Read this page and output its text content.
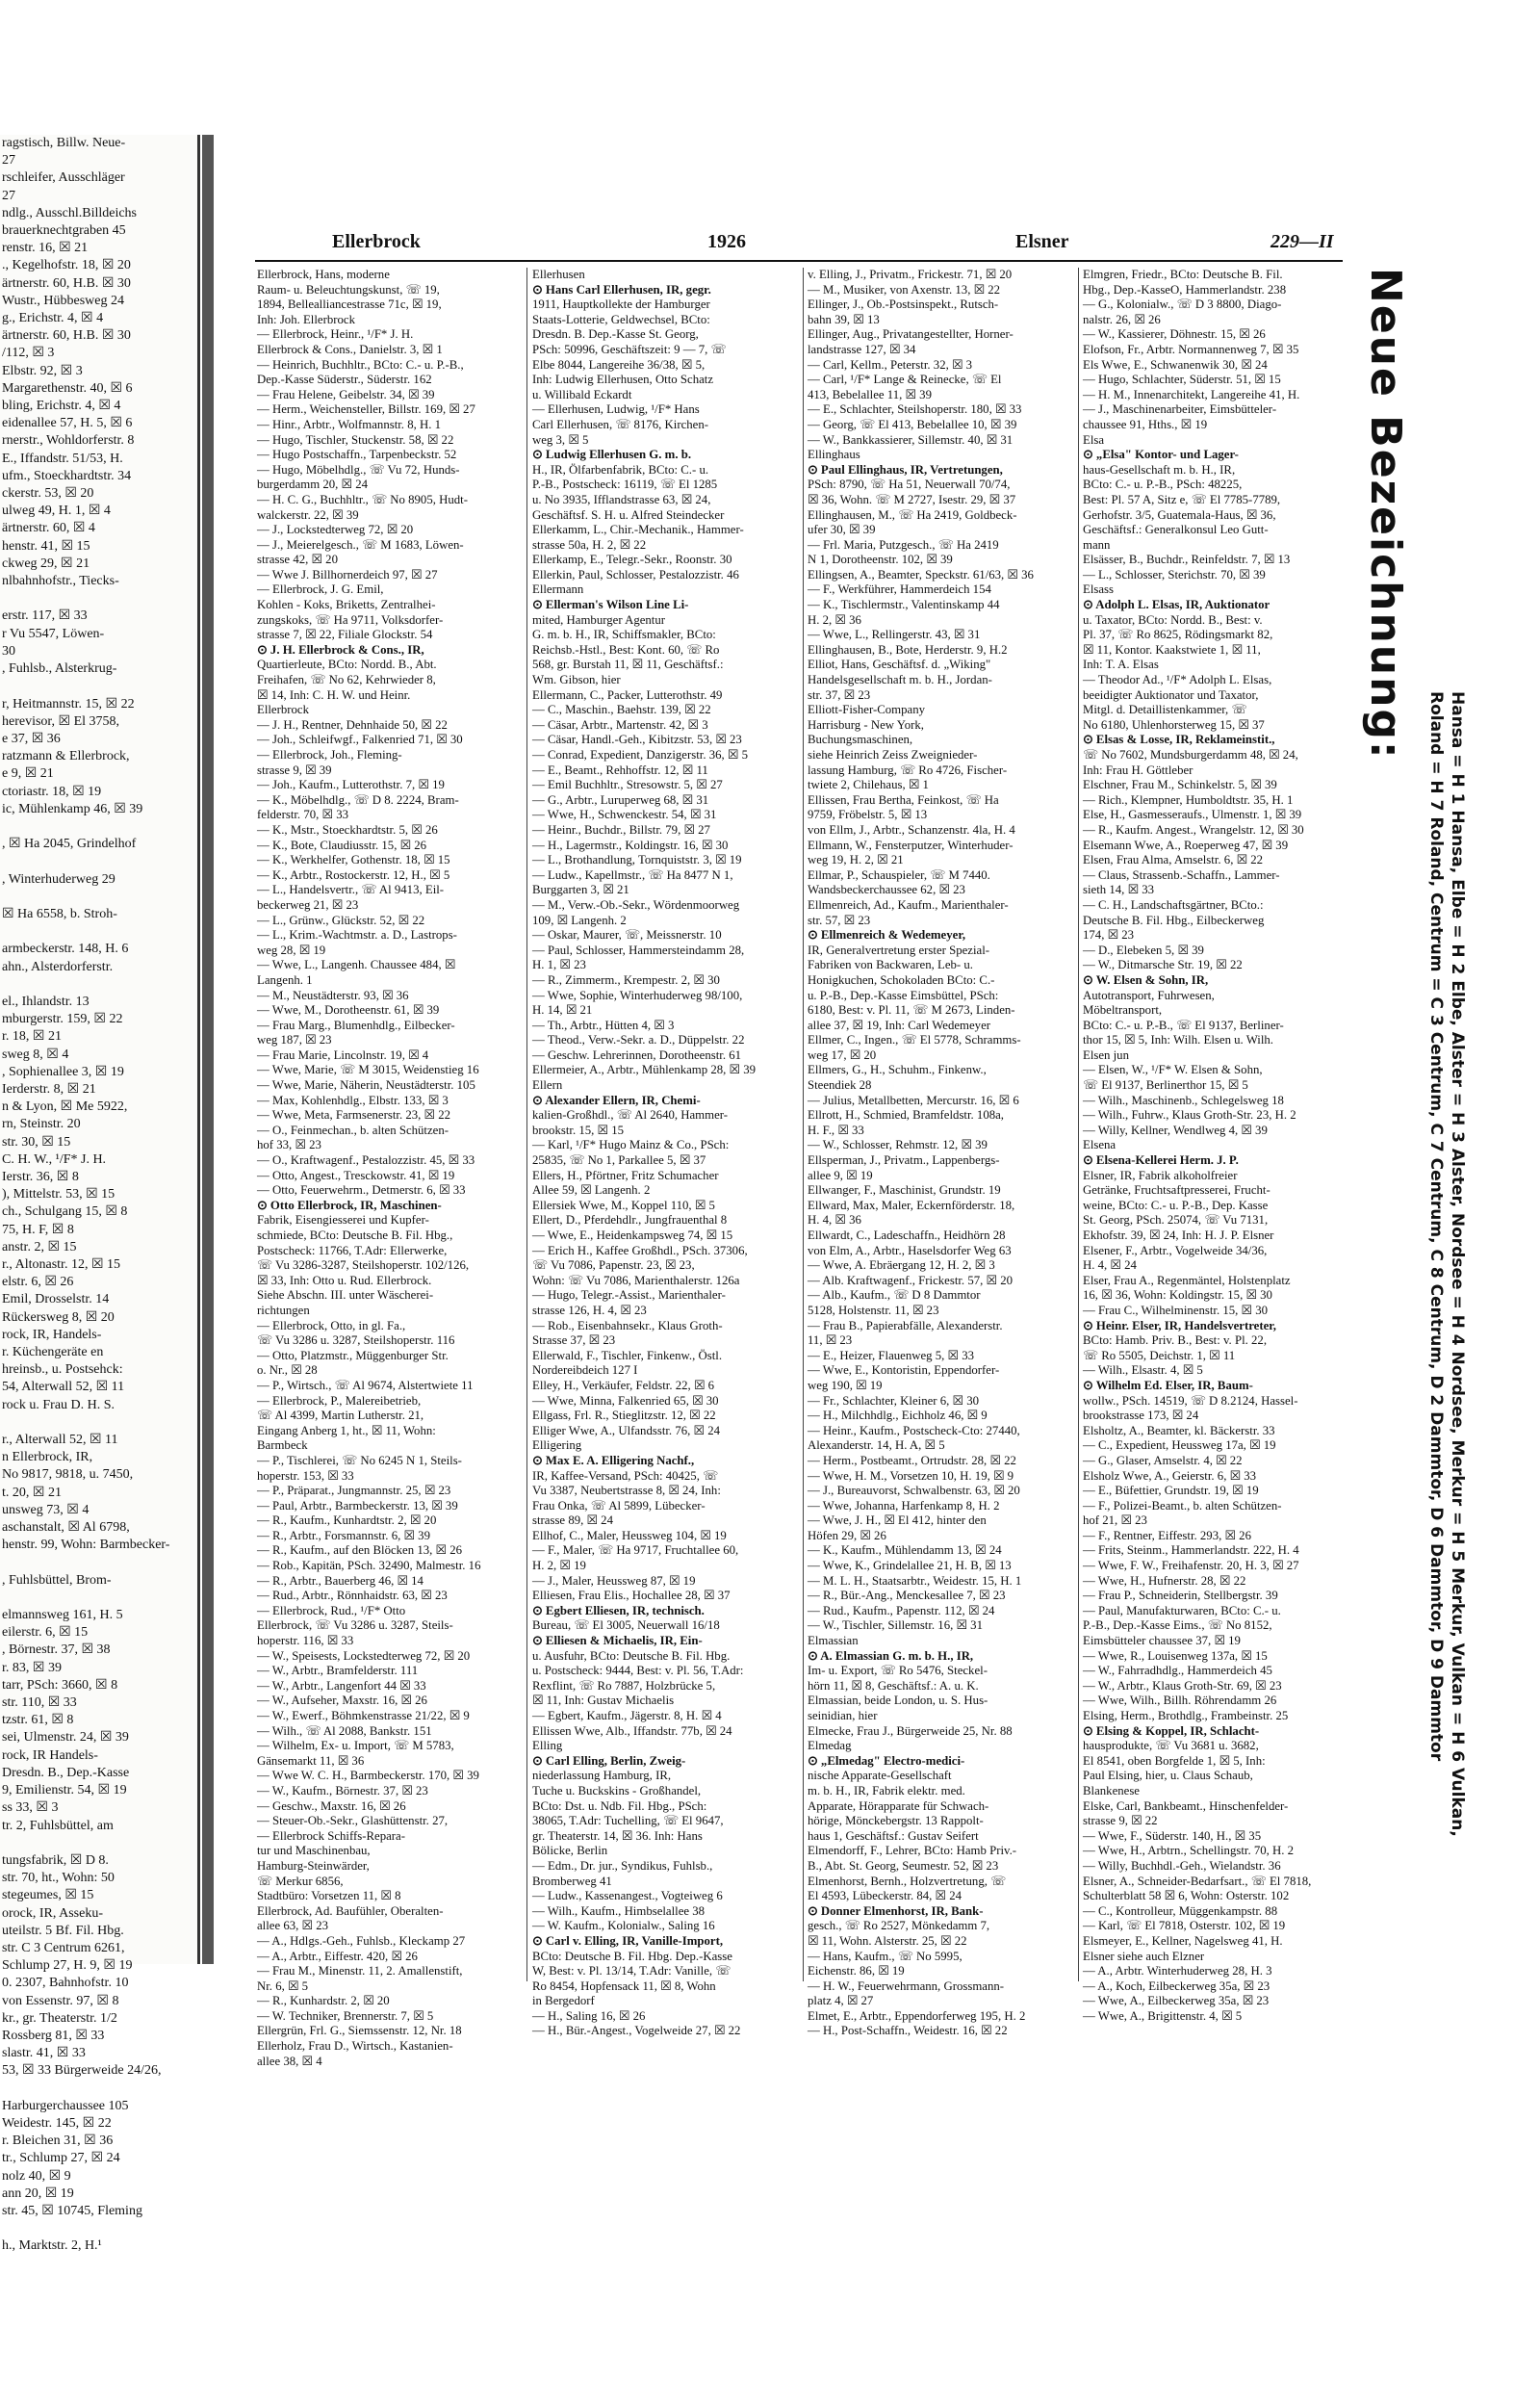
ragstisch, Billw. Neue-
27
rschleifer, Ausschläger
27
ndlg., Ausschl.Billdeichs
brauerknechtgraben 45
renstr. 16, ☒ 21
., Kegelhofstr. 18, ☒ 20
ärtnerstr. 60, H.B. ☒ 30
Wustr., Hübbesweg 24
g., Erichstr. 4, ☒ 4
ärtnerstr. 60, H.B. ☒ 30
/112, ☒ 3
Elbstr. 92, ☒ 3
Margarethenstr. 40, ☒ 6
bling, Erichstr. 4, ☒ 4
eidenallee 57, H. 5, ☒ 6
rnerstr., Wohldorferstr. 8
E., Iffandstr. 51/53, H.
ufm., Stoeckhardtstr. 34
ckerstr. 53, ☒ 20
ulweg 49, H. 1, ☒ 4
ärtnerstr. 60, ☒ 4
henstr. 41, ☒ 15
ckweg 29, ☒ 21
nlbahnhofstr., Tiecks-

erstr. 117, ☒ 33
r Vu 5547, Löwen-
30
, Fuhlsb., Alsterkrug-

r, Heitmannstr. 15, ☒ 22
herevisor, ☒ El 3758,
e 37, ☒ 36
ratzmann & Ellerbrock,
e 9, ☒ 21
ctoriastr. 18, ☒ 19
ic, Mühlenkamp 46, ☒ 39

, ☒ Ha 2045, Grindelhof

, Winterhuderweg 29

☒ Ha 6558, b. Stroh-

armbeckerstr. 148, H. 6
ahn., Alsterdorferstr.

el., Ihlandstr. 13
mburgerstr. 159, ☒ 22
r. 18, ☒ 21
sweg 8, ☒ 4
, Sophienallee 3, ☒ 19
Ierderstr. 8, ☒ 21
n & Lyon, ☒ Me 5922,
rn, Steinstr. 20
str. 30, ☒ 15
C. H. W., ¹/F* J. H.
Ierstr. 36, ☒ 8
), Mittelstr. 53, ☒ 15
ch., Schulgang 15, ☒ 8
75, H. F, ☒ 8
anstr. 2, ☒ 15
r., Altonastr. 12, ☒ 15
elstr. 6, ☒ 26
Emil, Drosselstr. 14
Rückersweg 8, ☒ 20
rock, IR, Handels-
r. Küchengeräte en
hreinsb., u. Postsehck:
54, Alterwall 52, ☒ 11
rock u. Frau D. H. S.

r., Alterwall 52, ☒ 11
n Ellerbrock, IR,
No 9817, 9818, u. 7450,
t. 20, ☒ 21
unsweg 73, ☒ 4
aschanstalt, ☒ Al 6798,
henstr. 99, Wohn: Barmbecker-

, Fuhlsbüttel, Brom-

elmannsweg 161, H. 5
eilerstr. 6, ☒ 15
, Börnestr. 37, ☒ 38
r. 83, ☒ 39
tarr, PSch: 3660, ☒ 8
str. 110, ☒ 33
tzstr. 61, ☒ 8
sei, Ulmenstr. 24, ☒ 39
rock, IR Handels-
Dresdn. B., Dep.-Kasse
9, Emilienstr. 54, ☒ 19
ss 33, ☒ 3
tr. 2, Fuhlsbüttel, am

tungsfabrik, ☒ D 8.
str. 70, ht., Wohn: 50
stegeumes, ☒ 15
orock, IR, Asseku-
uteilstr. 5 Bf. Fil. Hbg.
str. C 3 Centrum 6261,
Schlump 27, H. 9, ☒ 19
0. 2307, Bahnhofstr. 10
von Essenstr. 97, ☒ 8
kr., gr. Theaterstr. 1/2
Rossberg 81, ☒ 33
slastr. 41, ☒ 33
53, ☒ 33 Bürgerweide 24/26,

Harburgerchaussee 105
Weidestr. 145, ☒ 22
r. Bleichen 31, ☒ 36
tr., Schlump 27, ☒ 24
nolz 40, ☒ 9
ann 20, ☒ 19
str. 45, ☒ 10745, Fleming

h., Marktstr. 2, H.¹
Ellerbrock	1926	Elsner	229—II
Ellerbrock, Hans, moderne
Raum- u. Beleuchtungskunst, ☏ 19,
1894, Bellealliancestrasse 71c, ☒ 19,
Inh: Joh. Ellerbrock
— Ellerbrock, Heinr., ¹/F* J. H.
Ellerbrock & Cons., Danielstr. 3, ☒ 1
— Heinrich, Buchhltr., BCto: C.- u. P.-B.,
Dep.-Kasse Süderstr., Süderstr. 162
— Frau Helene, Geibelstr. 34, ☒ 39
— Herm., Weichensteller, Billstr. 169, ☒ 27
— Hinr., Arbtr., Wolfmannstr. 8, H. 1
— Hugo, Tischler, Stuckenstr. 58, ☒ 22
— Hugo Postschaffn., Tarpenbeckstr. 52
— Hugo, Möbelhdlg., ☏ Vu 72, Hunds-
burgerdamm 20, ☒ 24
— H. C. G., Buchhltr., ☏ No 8905, Hudt-
walckerstr. 22, ☒ 39
— J., Lockstedterweg 72, ☒ 20
— J., Meierelgesch., ☏ M 1683, Löwen-
strasse 42, ☒ 20
— Wwe J. Billhornerdeich 97, ☒ 27
— Ellerbrock, J. G. Emil,
Kohlen - Koks, Briketts, Zentralhei-
zungskoks, ☏ Ha 9711, Volksdorfer-
strasse 7, ☒ 22, Filiale Glockstr. 54
⊙ J. H. Ellerbrock & Cons., IR,
Quartierleute, BCto: Nordd. B., Abt.
Freihafen, ☏ No 62, Kehrwieder 8,
☒ 14, Inh: C. H. W. und Heinr.
Ellerbrock
— J. H., Rentner, Dehnhaide 50, ☒ 22
— Joh., Schleifwgf., Falkenried 71, ☒ 30
— Ellerbrock, Joh., Fleming-
strasse 9, ☒ 39
— Joh., Kaufm., Lutterothstr. 7, ☒ 19
— K., Möbelhdlg., ☏ D 8. 2224, Bram-
felderstr. 70, ☒ 33
— K., Mstr., Stoeckhardtstr. 5, ☒ 26
— K., Bote, Claudiusstr. 15, ☒ 26
— K., Werkhelfer, Gothenstr. 18, ☒ 15
— K., Arbtr., Rostockerstr. 12, H., ☒ 5
— L., Handelsvertr., ☏ Al 9413, Eil-
beckerweg 21, ☒ 23
— L., Grünw., Glückstr. 52, ☒ 22
— L., Krim.-Wachtmstr. a. D., Lastrops-
weg 28, ☒ 19
— Wwe, L., Langenh. Chaussee 484, ☒
Langenh. 1
— M., Neustädterstr. 93, ☒ 36
— Wwe, M., Dorotheenstr. 61, ☒ 39
— Frau Marg., Blumenhdlg., Eilbecker-
weg 187, ☒ 23
— Frau Marie, Lincolnstr. 19, ☒ 4
— Wwe, Marie, ☏ M 3015, Weidenstieg 16
— Wwe, Marie, Näherin, Neustädterstr. 105
— Max, Kohlenhdlg., Elbstr. 133, ☒ 3
— Wwe, Meta, Farmsenerstr. 23, ☒ 22
— O., Feinmechan., b. alten Schützen-
hof 33, ☒ 23
— O., Kraftwagenf., Pestalozzistr. 45, ☒ 33
— Otto, Angest., Tresckowstr. 41, ☒ 19
— Otto, Feuerwehrm., Detmerstr. 6, ☒ 33
⊙ Otto Ellerbrock, IR, Maschinen-
Fabrik, Eisengiesserei und Kupfer-
schmiede, BCto: Deutsche B. Fil. Hbg.,
Postscheck: 11766, T.Adr: Ellerwerke,
☏ Vu 3286-3287, Steilshoperstr. 102/126,
☒ 33, Inh: Otto u. Rud. Ellerbrock.
Siehe Abschn. III. unter Wäscherei-
richtungen
— Ellerbrock, Otto, in gl. Fa.,
☏ Vu 3286 u. 3287, Steilshoperstr. 116
— Otto, Platzmstr., Müggenburger Str.
o. Nr., ☒ 28
— P., Wirtsch., ☏ Al 9674, Alstertwiete 11
— Ellerbrock, P., Malereibetrieb,
☏ Al 4399, Martin Lutherstr. 21,
Eingang Anberg 1, ht., ☒ 11, Wohn:
Barmbeck
— P., Tischlerei, ☏ No 6245 N 1, Steils-
hoperstr. 153, ☒ 33
— P., Präparat., Jungmannstr. 25, ☒ 23
— Paul, Arbtr., Barmbeckerstr. 13, ☒ 39
— R., Kaufm., Kunhardtstr. 2, ☒ 20
— R., Arbtr., Forsmannstr. 6, ☒ 39
— R., Kaufm., auf den Blöcken 13, ☒ 26
— Rob., Kapitän, PSch. 32490, Malmestr. 16
— R., Arbtr., Bauerberg 46, ☒ 14
— Rud., Arbtr., Rönnhaidstr. 63, ☒ 23
— Ellerbrock, Rud., ¹/F* Otto
Ellerbrock, ☏ Vu 3286 u. 3287, Steils-
hoperstr. 116, ☒ 33
— W., Speisests, Lockstedterweg 72, ☒ 20
— W., Arbtr., Bramfelderstr. 111
— W., Arbtr., Langenfort 44 ☒ 33
— W., Aufseher, Maxstr. 16, ☒ 26
— W., Ewerf., Böhmkenstrasse 21/22, ☒ 9
— Wilh., ☏ Al 2088, Bankstr. 151
— Wilhelm, Ex- u. Import, ☏ M 5783,
Gänsemarkt 11, ☒ 36
— Wwe W. C. H., Barmbeckerstr. 170, ☒ 39
— W., Kaufm., Börnestr. 37, ☒ 23
— Geschw., Maxstr. 16, ☒ 26
— Steuer-Ob.-Sekr., Glashüttenstr. 27,
— Ellerbrock Schiffs-Repara-
tur und Maschinenbau,
Hamburg-Steinwärder,
☏ Merkur 6856,
Stadtbüro: Vorsetzen 11, ☒ 8
Ellerbrock, Ad. Baufühler, Oberalten-
allee 63, ☒ 23
— A., Hdlgs.-Geh., Fuhlsb., Kleckamp 27
— A., Arbtr., Eiffestr. 420, ☒ 26
— Frau M., Minenstr. 11, 2. Amallenstift,
Nr. 6, ☒ 5
— R., Kunhardstr. 2, ☒ 20
— W. Techniker, Brennerstr. 7, ☒ 5
Ellergrün, Frl. G., Siemssenstr. 12, Nr. 18
Ellerholz, Frau D., Wirtsch., Kastanien-
allee 38, ☒ 4
Ellerhusen
⊙ Hans Carl Ellerhusen, IR, gegr.
1911, Hauptkollekte der Hamburger
Staats-Lotterie, Geldwechsel, BCto:
Dresdn. B. Dep.-Kasse St. Georg,
PSch: 50996, Geschäftszeit: 9 — 7, ☏
Elbe 8044, Langereihe 36/38, ☒ 5,
Inh: Ludwig Ellerhusen, Otto Schatz
u. Willibald Eckardt
— Ellerhusen, Ludwig, ¹/F* Hans
Carl Ellerhusen, ☏ 8176, Kirchen-
weg 3, ☒ 5
⊙ Ludwig Ellerhusen G. m. b.
H., IR, Ölfarbenfabrik, BCto: C.- u.
P.-B., Postscheck: 16119, ☏ El 1285
u. No 3935, Ifflandstrasse 63, ☒ 24,
Geschäftsf. S. H. u. Alfred Steindecker
Ellerkamm, L., Chir.-Mechanik., Hammer-
strasse 50a, H. 2, ☒ 22
Ellerkamp, E., Telegr.-Sekr., Roonstr. 30
Ellerkin, Paul, Schlosser, Pestalozzistr. 46
Ellermann
⊙ Ellerman's Wilson Line Li-
mited, Hamburger Agentur
G. m. b. H., IR, Schiffsmakler, BCto:
Reichsb.-Hstl., Best: Kont. 60, ☏ Ro
568, gr. Burstah 11, ☒ 11, Geschäftsf.:
Wm. Gibson, hier
Ellermann, C., Packer, Lutterothstr. 49
— C., Maschin., Baehstr. 139, ☒ 22
— Cäsar, Arbtr., Martenstr. 42, ☒ 3
— Cäsar, Handl.-Geh., Kibitzstr. 53, ☒ 23
— Conrad, Expedient, Danzigerstr. 36, ☒ 5
— E., Beamt., Rehhoffstr. 12, ☒ 11
— Emil Buchhltr., Stresowstr. 5, ☒ 27
— G., Arbtr., Luruperweg 68, ☒ 31
— Wwe, H., Schwenckestr. 54, ☒ 31
— Heinr., Buchdr., Billstr. 79, ☒ 27
— H., Lagermstr., Koldingstr. 16, ☒ 30
— L., Brothandlung, Tornquiststr. 3, ☒ 19
— Ludw., Kapellmstr., ☏ Ha 8477 N 1,
Burggarten 3, ☒ 21
— M., Verw.-Ob.-Sekr., Wördenmoorweg
109, ☒ Langenh. 2
— Oskar, Maurer, ☏, Meissnerstr. 10
— Paul, Schlosser, Hammersteindamm 28,
H. 1, ☒ 23
— R., Zimmerm., Krempestr. 2, ☒ 30
— Wwe, Sophie, Winterhuderweg 98/100,
H. 14, ☒ 21
— Th., Arbtr., Hütten 4, ☒ 3
— Theod., Verw.-Sekr. a. D., Düppelstr. 22
— Geschw. Lehrerinnen, Dorotheenstr. 61
Ellermeier, A., Arbtr., Mühlenkamp 28, ☒ 39
Ellern
⊙ Alexander Ellern, IR, Chemi-
kalien-Großhdl., ☏ Al 2640, Hammer-
brookstr. 15, ☒ 15
— Karl, ¹/F* Hugo Mainz & Co., PSch:
25835, ☏ No 1, Parkallee 5, ☒ 37
Ellers, H., Pförtner, Fritz Schumacher
Allee 59, ☒ Langenh. 2
Ellersiek Wwe, M., Koppel 110, ☒ 5
Ellert, D., Pferdehdlr., Jungfrauenthal 8
— Wwe, E., Heidenkampsweg 74, ☒ 15
— Erich H., Kaffee Großhdl., PSch. 37306,
☏ Vu 7086, Papenstr. 23, ☒ 23,
Wohn: ☏ Vu 7086, Marienthalerstr. 126a
— Hugo, Telegr.-Assist., Marienthaler-
strasse 126, H. 4, ☒ 23
— Rob., Eisenbahnsekr., Klaus Groth-
Strasse 37, ☒ 23
Ellerwald, F., Tischler, Finkenw., Östl.
Nordereibdeich 127 I
Elley, H., Verkäufer, Feldstr. 22, ☒ 6
— Wwe, Minna, Falkenried 65, ☒ 30
Ellgass, Frl. R., Stieglitzstr. 12, ☒ 22
Elliger Wwe, A., Ulfandsstr. 76, ☒ 24
Elligering
⊙ Max E. A. Elligering Nachf.,
IR, Kaffee-Versand, PSch: 40425, ☏
Vu 3387, Neubertstrasse 8, ☒ 24, Inh:
Frau Onka, ☏ Al 5899, Lübecker-
strasse 89, ☒ 24
Ellhof, C., Maler, Heussweg 104, ☒ 19
— F., Maler, ☏ Ha 9717, Fruchtallee 60,
H. 2, ☒ 19
— J., Maler, Heussweg 87, ☒ 19
Elliesen, Frau Elis., Hochallee 28, ☒ 37
⊙ Egbert Elliesen, IR, technisch.
Bureau, ☏ El 3005, Neuerwall 16/18
⊙ Elliesen & Michaelis, IR, Ein-
u. Ausfuhr, BCto: Deutsche B. Fil. Hbg.
u. Postscheck: 9444, Best: v. Pl. 56, T.Adr:
Rexflint, ☏ Ro 7887, Holzbrücke 5,
☒ 11, Inh: Gustav Michaelis
— Egbert, Kaufm., Jägerstr. 8, H. ☒ 4
Ellissen Wwe, Alb., Iffandstr. 77b, ☒ 24
Elling
⊙ Carl Elling, Berlin, Zweig-
niederlassung Hamburg, IR,
Tuche u. Buckskins - Großhandel,
BCto: Dst. u. Ndb. Fil. Hbg., PSch:
38065, T.Adr: Tuchelling, ☏ El 9647,
gr. Theaterstr. 14, ☒ 36. Inh: Hans
Bölicke, Berlin
— Edm., Dr. jur., Syndikus, Fuhlsb.,
Bromberweg 41
— Ludw., Kassenangest., Vogteiweg 6
— Wilh., Kaufm., Himbselallee 38
— W. Kaufm., Kolonialw., Saling 16
⊙ Carl v. Elling, IR, Vanille-Import,
BCto: Deutsche B. Fil. Hbg. Dep.-Kasse
W, Best: v. Pl. 13/14, T.Adr: Vanille, ☏
Ro 8454, Hopfensack 11, ☒ 8, Wohn
in Bergedorf
— H., Saling 16, ☒ 26
— H., Bür.-Angest., Vogelweide 27, ☒ 22
v. Elling, J., Privatm., Frickestr. 71, ☒ 20
— M., Musiker, von Axenstr. 13, ☒ 22
Ellinger, J., Ob.-Postsinspekt., Rutsch-
bahn 39, ☒ 13
Ellinger, Aug., Privatangestellter, Horner-
landstrasse 127, ☒ 34
— Carl, Kellm., Peterstr. 32, ☒ 3
— Carl, ¹/F* Lange & Reinecke, ☏ El
413, Bebelallee 11, ☒ 39
— E., Schlachter, Steilshoperstr. 180, ☒ 33
— Georg, ☏ El 413, Bebelallee 10, ☒ 39
— W., Bankkassierer, Sillemstr. 40, ☒ 31
Ellinghaus
⊙ Paul Ellinghaus, IR, Vertretungen,
PSch: 8790, ☏ Ha 51, Neuerwall 70/74,
☒ 36, Wohn. ☏ M 2727, Isestr. 29, ☒ 37
Ellinghausen, M., ☏ Ha 2419, Goldbeck-
ufer 30, ☒ 39
— Frl. Maria, Putzgesch., ☏ Ha 2419
N 1, Dorotheenstr. 102, ☒ 39
Ellingsen, A., Beamter, Speckstr. 61/63, ☒ 36
— F., Werkführer, Hammerdeich 154
— K., Tischlermstr., Valentinskamp 44
H. 2, ☒ 36
— Wwe, L., Rellingerstr. 43, ☒ 31
Ellinghausen, B., Bote, Herderstr. 9, H.2
Elliot, Hans, Geschäftsf. d. „Wiking"
Handelsgesellschaft m. b. H., Jordan-
str. 37, ☒ 23
Elliott-Fisher-Company
Harrisburg - New York,
Buchungsmaschinen,
siehe Heinrich Zeiss Zweignieder-
lassung Hamburg, ☏ Ro 4726, Fischer-
twiete 2, Chilehaus, ☒ 1
Ellissen, Frau Bertha, Feinkost, ☏ Ha
9759, Fröbelstr. 5, ☒ 13
von Ellm, J., Arbtr., Schanzenstr. 4la, H. 4
Ellmann, W., Fensterputzer, Winterhuder-
weg 19, H. 2, ☒ 21
Ellmar, P., Schauspieler, ☏ M 7440.
Wandsbeckerchaussee 62, ☒ 23
Ellmenreich, Ad., Kaufm., Marienthaler-
str. 57, ☒ 23
⊙ Ellmenreich & Wedemeyer,
IR, Generalvertretung erster Spezial-
Fabriken von Backwaren, Leb- u.
Honigkuchen, Schokoladen BCto: C.-
u. P.-B., Dep.-Kasse Eimsbüttel, PSch:
6180, Best: v. Pl. 11, ☏ M 2673, Linden-
allee 37, ☒ 19, Inh: Carl Wedemeyer
Ellmer, C., Ingen., ☏ El 5778, Schramms-
weg 17, ☒ 20
Ellmers, G., H., Schuhm., Finkenw.,
Steendiek 28
— Julius, Metallbetten, Mercurstr. 16, ☒ 6
Ellrott, H., Schmied, Bramfeldstr. 108a,
H. F., ☒ 33
— W., Schlosser, Rehmstr. 12, ☒ 39
Ellsperman, J., Privatm., Lappenbergs-
allee 9, ☒ 19
Ellwanger, F., Maschinist, Grundstr. 19
Ellward, Max, Maler, Eckernförderstr. 18,
H. 4, ☒ 36
Ellwardt, C., Ladeschaffn., Heidhörn 28
von Elm, A., Arbtr., Haselsdorfer Weg 63
— Wwe, A. Ebräergang 12, H. 2, ☒ 3
— Alb. Kraftwagenf., Frickestr. 57, ☒ 20
— Alb., Kaufm., ☏ D 8 Dammtor
5128, Holstenstr. 11, ☒ 23
— Frau B., Papierabfälle, Alexanderstr.
11, ☒ 23
— E., Heizer, Flauenweg 5, ☒ 33
— Wwe, E., Kontoristin, Eppendorfer-
weg 190, ☒ 19
— Fr., Schlachter, Kleiner 6, ☒ 30
— H., Milchhdlg., Eichholz 46, ☒ 9
— Heinr., Kaufm., Postscheck-Cto: 27440,
Alexanderstr. 14, H. A, ☒ 5
— Herm., Postbeamt., Ortrudstr. 28, ☒ 22
— Wwe, H. M., Vorsetzen 10, H. 19, ☒ 9
— J., Bureauvorst, Schwalbenstr. 63, ☒ 20
— Wwe, Johanna, Harfenkamp 8, H. 2
— Wwe, J. H., ☒ El 412, hinter den
Höfen 29, ☒ 26
— K., Kaufm., Mühlendamm 13, ☒ 24
— Wwe, K., Grindelallee 21, H. B, ☒ 13
— M. L. H., Staatsarbtr., Weidestr. 15, H. 1
— R., Bür.-Ang., Menckesallee 7, ☒ 23
— Rud., Kaufm., Papenstr. 112, ☒ 24
— W., Tischler, Sillemstr. 16, ☒ 31
Elmassian
⊙ A. Elmassian G. m. b. H., IR,
Im- u. Export, ☏ Ro 5476, Steckel-
hörn 11, ☒ 8, Geschäftsf.: A. u. K.
Elmassian, beide London, u. S. Hus-
seinidian, hier
Elmecke, Frau J., Bürgerweide 25, Nr. 88
Elmedag
⊙ „Elmedag" Electro-medici-
nische Apparate-Gesellschaft
m. b. H., IR, Fabrik elektr. med.
Apparate, Hörapparate für Schwach-
hörige, Mönckebergstr. 13 Rappolt-
haus 1, Geschäftsf.: Gustav Seifert
Elmendorff, F., Lehrer, BCto: Hamb Priv.-
B., Abt. St. Georg, Seumestr. 52, ☒ 23
Elmenhorst, Bernh., Holzvertretung, ☏
El 4593, Lübeckerstr. 84, ☒ 24
⊙ Donner Elmenhorst, IR, Bank-
gesch., ☏ Ro 2527, Mönkedamm 7,
☒ 11, Wohn. Alsterstr. 25, ☒ 22
— Hans, Kaufm., ☏ No 5995,
Eichenstr. 86, ☒ 19
— H. W., Feuerwehrmann, Grossmann-
platz 4, ☒ 27
Elmet, E., Arbtr., Eppendorferweg 195, H. 2
— H., Post-Schaffn., Weidestr. 16, ☒ 22
Elmgren, Friedr., BCto: Deutsche B. Fil.
Hbg., Dep.-KasseO, Hammerlandstr. 238
— G., Kolonialw., ☏ D 3 8800, Diago-
nalstr. 26, ☒ 26
— W., Kassierer, Döhnestr. 15, ☒ 26
Elofson, Fr., Arbtr. Normannenweg 7, ☒ 35
Els Wwe, E., Schwanenwik 30, ☒ 24
— Hugo, Schlachter, Süderstr. 51, ☒ 15
— H. M., Innenarchitekt, Langereihe 41, H.
— J., Maschinenarbeiter, Eimsbütteler-
chaussee 91, Hths., ☒ 19
Elsa
⊙ „Elsa" Kontor- und Lager-
haus-Gesellschaft m. b. H., IR,
BCto: C.- u. P.-B., PSch: 48225,
Best: Pl. 57 A, Sitz e, ☏ El 7785-7789,
Gerhofstr. 3/5, Guatemala-Haus, ☒ 36,
Geschäftsf.: Generalkonsul Leo Gutt-
mann
Elsässer, B., Buchdr., Reinfeldstr. 7, ☒ 13
— L., Schlosser, Sterichstr. 70, ☒ 39
Elsass
⊙ Adolph L. Elsas, IR, Auktionator
u. Taxator, BCto: Nordd. B., Best: v.
Pl. 37, ☏ Ro 8625, Rödingsmarkt 82,
☒ 11, Kontor. Kaakstwiete 1, ☒ 11,
Inh: T. A. Elsas
— Theodor Ad., ¹/F* Adolph L. Elsas,
beeidigter Auktionator und Taxator,
Mitgl. d. Detaillistenkammer, ☏
No 6180, Uhlenhorsterweg 15, ☒ 37
⊙ Elsas & Losse, IR, Reklameinstit.,
☏ No 7602, Mundsburgerdamm 48, ☒ 24,
Inh: Frau H. Göttleber
Elschner, Frau M., Schinkelstr. 5, ☒ 39
— Rich., Klempner, Humboldtstr. 35, H. 1
Else, H., Gasmesseraufs., Ulmenstr. 1, ☒ 39
— R., Kaufm. Angest., Wrangelstr. 12, ☒ 30
Elsemann Wwe, A., Roeperweg 47, ☒ 39
Elsen, Frau Alma, Amselstr. 6, ☒ 22
— Claus, Strassenb.-Schaffn., Lammer-
sieth 14, ☒ 33
— C. H., Landschaftsgärtner, BCto.:
Deutsche B. Fil. Hbg., Eilbeckerweg
174, ☒ 23
— D., Elebeken 5, ☒ 39
— W., Ditmarsche Str. 19, ☒ 22
⊙ W. Elsen & Sohn, IR,
Autotransport, Fuhrwesen,
Möbeltransport,
BCto: C.- u. P.-B., ☏ El 9137, Berliner-
thor 15, ☒ 5, Inh: Wilh. Elsen u. Wilh.
Elsen jun
— Elsen, W., ¹/F* W. Elsen & Sohn,
☏ El 9137, Berlinerthor 15, ☒ 5
— Wilh., Maschinenb., Schlegelsweg 18
— Wilh., Fuhrw., Klaus Groth-Str. 23, H. 2
— Willy, Kellner, Wendlweg 4, ☒ 39
Elsena
⊙ Elsena-Kellerei Herm. J. P.
Elsner, IR, Fabrik alkoholfreier
Getränke, Fruchtsaftpresserei, Frucht-
weine, BCto: C.- u. P.-B., Dep. Kasse
St. Georg, PSch. 25074, ☏ Vu 7131,
Ekhofstr. 39, ☒ 24, Inh: H. J. P. Elsner
Elsener, F., Arbtr., Vogelweide 34/36,
H. 4, ☒ 24
Elser, Frau A., Regenmäntel, Holstenplatz
16, ☒ 36, Wohn: Koldingstr. 15, ☒ 30
— Frau C., Wilhelminenstr. 15, ☒ 30
⊙ Heinr. Elser, IR, Handelsvertreter,
BCto: Hamb. Priv. B., Best: v. Pl. 22,
☏ Ro 5505, Deichstr. 1, ☒ 11
— Wilh., Elsastr. 4, ☒ 5
⊙ Wilhelm Ed. Elser, IR, Baum-
wollw., PSch. 14519, ☏ D 8.2124, Hassel-
brookstrasse 173, ☒ 24
Elsholtz, A., Beamter, kl. Bäckerstr. 33
— C., Expedient, Heussweg 17a, ☒ 19
— G., Glaser, Amselstr. 4, ☒ 22
Elsholz Wwe, A., Geierstr. 6, ☒ 33
— E., Büfettier, Grundstr. 19, ☒ 19
— F., Polizei-Beamt., b. alten Schützen-
hof 21, ☒ 23
— F., Rentner, Eiffestr. 293, ☒ 26
— Frits, Steinm., Hammerlandstr. 222, H. 4
— Wwe, F. W., Freihafenstr. 20, H. 3, ☒ 27
— Wwe, H., Hufnerstr. 28, ☒ 22
— Frau P., Schneiderin, Stellbergstr. 39
— Paul, Manufakturwaren, BCto: C.- u.
P.-B., Dep.-Kasse Eims., ☏ No 8152,
Eimsbütteler chaussee 37, ☒ 19
— Wwe, R., Louisenweg 137a, ☒ 15
— W., Fahrradhdlg., Hammerdeich 45
— W., Arbtr., Klaus Groth-Str. 69, ☒ 23
— Wwe, Wilh., Billh. Röhrendamm 26
Elsing, Herm., Brothdlg., Frambeinstr. 25
⊙ Elsing & Koppel, IR, Schlacht-
hausprodukte, ☏ Vu 3681 u. 3682,
El 8541, oben Borgfelde 1, ☒ 5, Inh:
Paul Elsing, hier, u. Claus Schaub,
Blankenese
Elske, Carl, Bankbeamt., Hinschenfelder-
strasse 9, ☒ 22
— Wwe, F., Süderstr. 140, H., ☒ 35
— Wwe, H., Arbtrn., Schellingstr. 70, H. 2
— Willy, Buchhdl.-Geh., Wielandstr. 36
Elsner, A., Schneider-Bedarfsart., ☏ El 7818,
Schulterblatt 58 ☒ 6, Wohn: Osterstr. 102
— C., Kontrolleur, Müggenkampstr. 88
— Karl, ☏ El 7818, Osterstr. 102, ☒ 19
Elsmeyer, E., Kellner, Nagelsweg 41, H.
Elsner siehe auch Elzner
— A., Arbtr. Winterhuderweg 28, H. 3
— A., Koch, Eilbeckerweg 35a, ☒ 23
— Wwe, A., Eilbeckerweg 35a, ☒ 23
— Wwe, A., Brigittenstr. 4, ☒ 5
Neue Bezeichnung:
Hansa = H 1 Hansa, Elbe = H 2 Elbe, Alster = H 3 Alster, Nordsee = H 4 Nordsee, Merkur = H 5 Merkur, Vulkan = H 6 Vulkan,
Roland = H 7 Roland, Centrum = C 3 Centrum, C 7 Centrum, C 8 Centrum, D 2 Dammtor, D 6 Dammtor, D 9 Dammtor
